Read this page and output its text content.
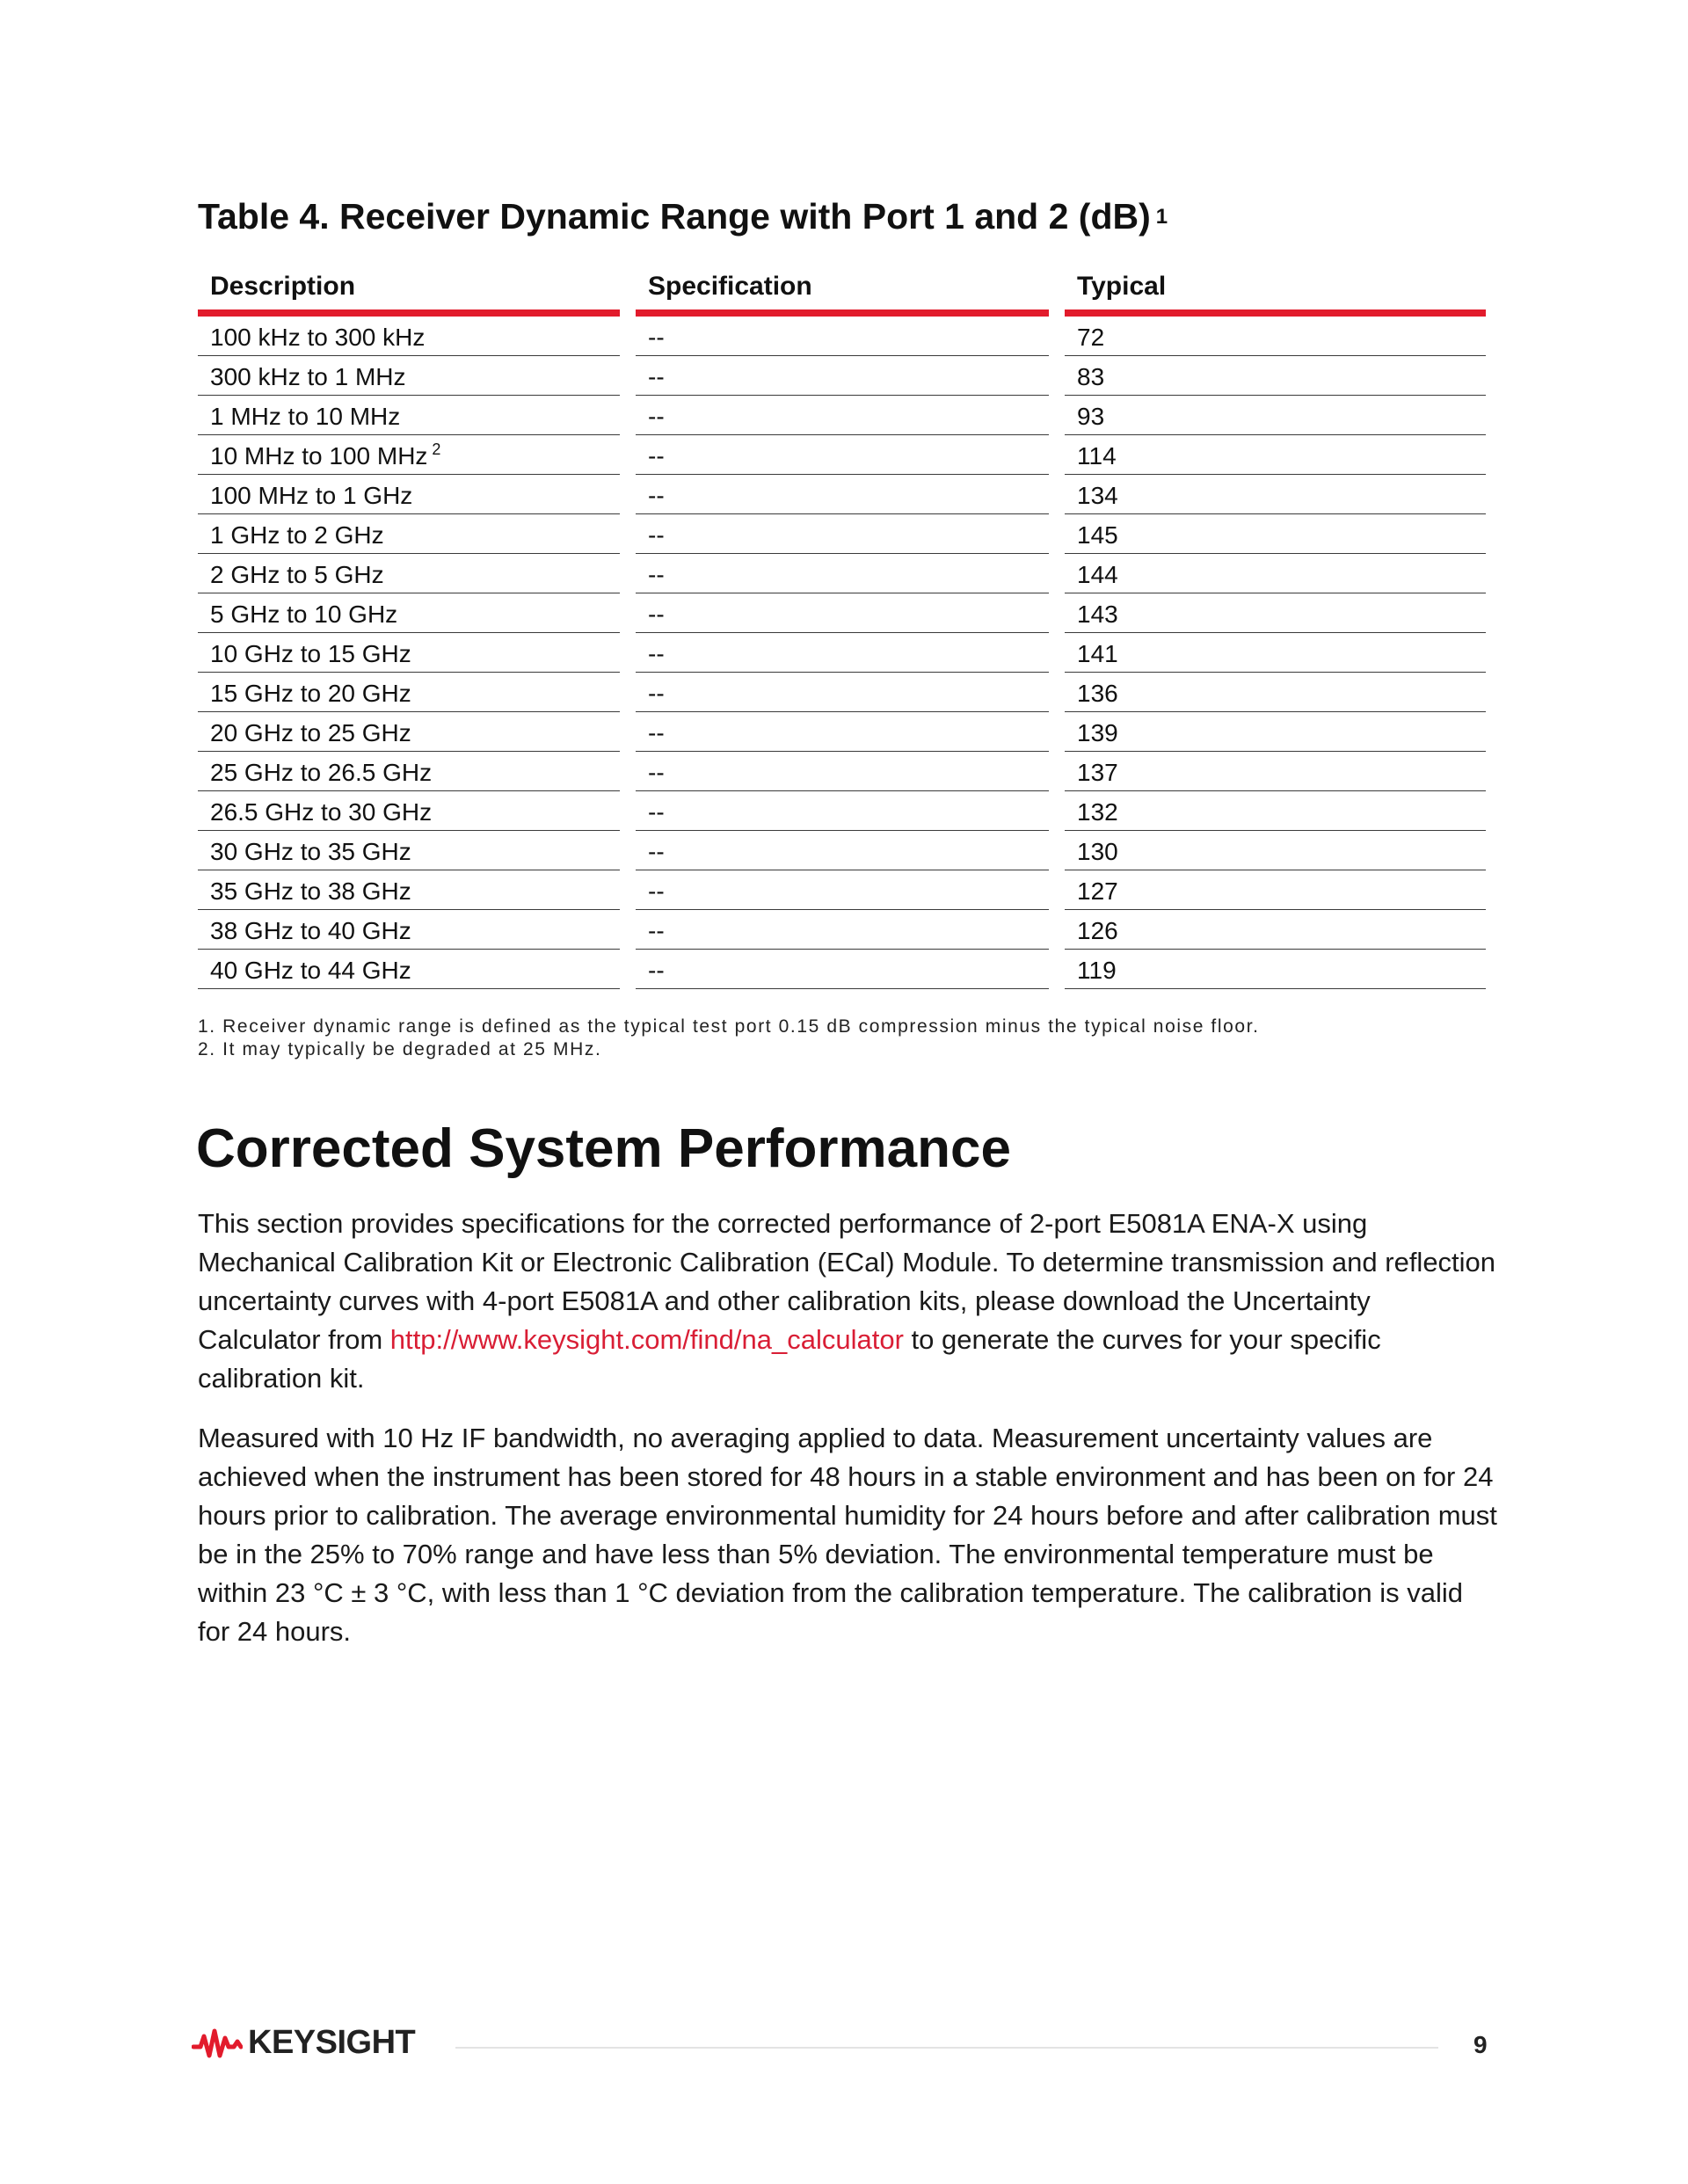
Table 4. Receiver Dynamic Range with Port 1 and 2 (dB) $^1$
Description	Specification	Typical
100 kHz to 300 kHz	--	72
300 kHz to 1 MHz	--	83
1 MHz to 10 MHz	--	93
10 MHz to 100 MHz $^2$	--	114
100 MHz to 1 GHz	--	134
1 GHz to 2 GHz	--	145
2 GHz to 5 GHz	--	144
5 GHz to 10 GHz	--	143
10 GHz to 15 GHz	--	141
15 GHz to 20 GHz	--	136
20 GHz to 25 GHz	--	139
25 GHz to 26.5 GHz	--	137
26.5 GHz to 30 GHz	--	132
30 GHz to 35 GHz	--	130
35 GHz to 38 GHz	--	127
38 GHz to 40 GHz	--	126
40 GHz to 44 GHz	--	119
1. Receiver dynamic range is defined as the typical test port 0.15 dB compression minus the typical noise floor.
2. It may typically be degraded at 25 MHz.
Corrected System Performance

This section provides specifications for the corrected performance of 2-port E5081A ENA-X using Mechanical Calibration Kit or Electronic Calibration (ECal) Module. To determine transmission and reflection uncertainty curves with 4-port E5081A and other calibration kits, please download the Uncertainty Calculator from http://www.keysight.com/find/na_calculator to generate the curves for your specific calibration kit.

Measured with 10 Hz IF bandwidth, no averaging applied to data. Measurement uncertainty values are achieved when the instrument has been stored for 48 hours in a stable environment and has been on for 24 hours prior to calibration. The average environmental humidity for 24 hours before and after calibration must be in the 25% to 70% range and have less than 5% deviation. The environmental temperature must be within 23 °C ± 3 °C, with less than 1 °C deviation from the calibration temperature. The calibration is valid for 24 hours.

KEYSIGHT	9
